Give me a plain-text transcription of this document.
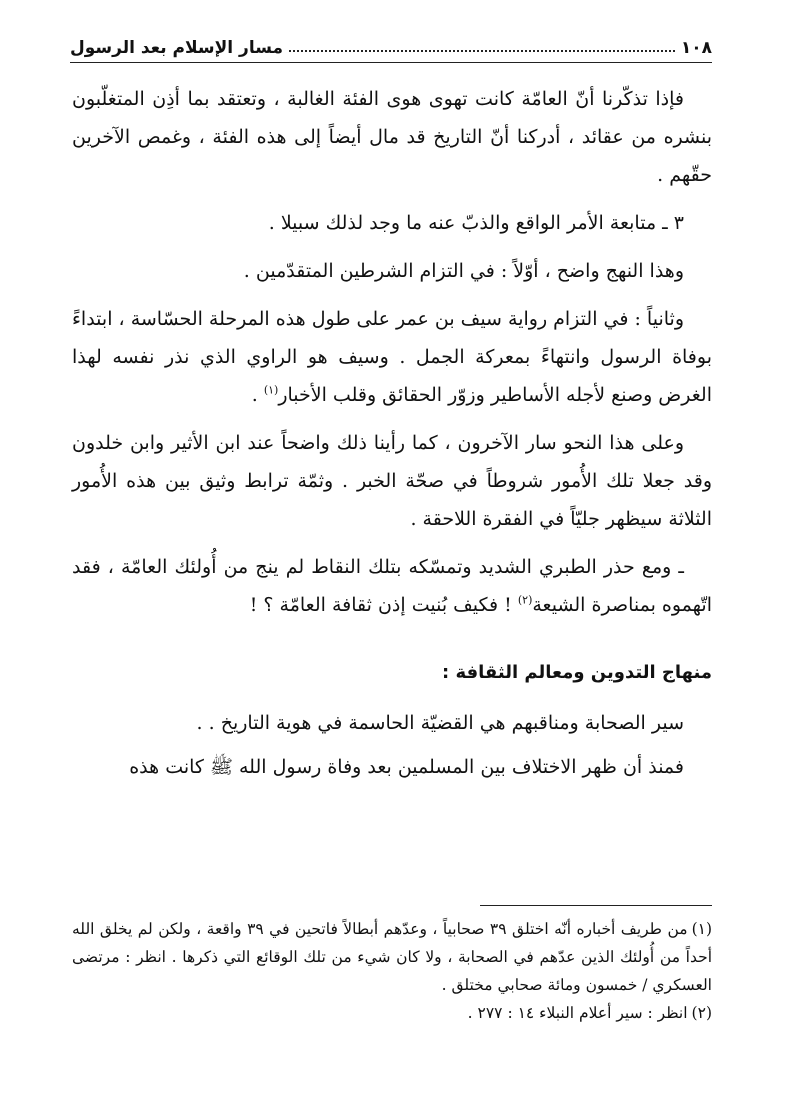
١٠٨
مسار الإسلام بعد الرسول

فإذا تذكّرنا أنّ العامّة كانت تهوى هوى الفئة الغالبة ، وتعتقد بما أذِن المتغلّبون بنشره من عقائد ، أدركنا أنّ التاريخ قد مال أيضاً إلى هذه الفئة ، وغمص الآخرين حقّهم .

٣ ـ متابعة الأمر الواقع والذبّ عنه ما وجد لذلك سبيلا .

وهذا النهج واضح ، أوّلاً : في التزام الشرطين المتقدّمين .

وثانياً : في التزام رواية سيف بن عمر على طول هذه المرحلة الحسّاسة ، ابتداءً بوفاة الرسول وانتهاءً بمعركة الجمل . وسيف هو الراوي الذي نذر نفسه لهذا الغرض وصنع لأجله الأساطير وزوّر الحقائق وقلب الأخبار$^{(١)}$ .

وعلى هذا النحو سار الآخرون ، كما رأينا ذلك واضحاً عند ابن الأثير وابن خلدون وقد جعلا تلك الأُمور شروطاً في صحّة الخبر . وثمّة ترابط وثيق بين هذه الأُمور الثلاثة سيظهر جليّاً في الفقرة اللاحقة .

ـ ومع حذر الطبري الشديد وتمسّكه بتلك النقاط لم ينج من أُولئك العامّة ، فقد اتّهموه بمناصرة الشيعة$^{(٢)}$ ! فكيف بُنيت إذن ثقافة العامّة ؟ !

منهاج التدوين ومعالم الثقافة :

سير الصحابة ومناقبهم هي القضيّة الحاسمة في هوية التاريخ . .

فمنذ أن ظهر الاختلاف بين المسلمين بعد وفاة رسول الله ﷺ كانت هذه

(١)من طريف أخباره أنّه اختلق ٣٩ صحابياً ، وعدّهم أبطالاً فاتحين في ٣٩ واقعة ، ولكن لم يخلق الله أحداً من أُولئك الذين عدّهم في الصحابة ، ولا كان شيء من تلك الوقائع التي ذكرها . انظر : مرتضى العسكري / خمسون ومائة صحابي مختلق .

(٢)انظر : سير أعلام النبلاء ١٤ : ٢٧٧ .
